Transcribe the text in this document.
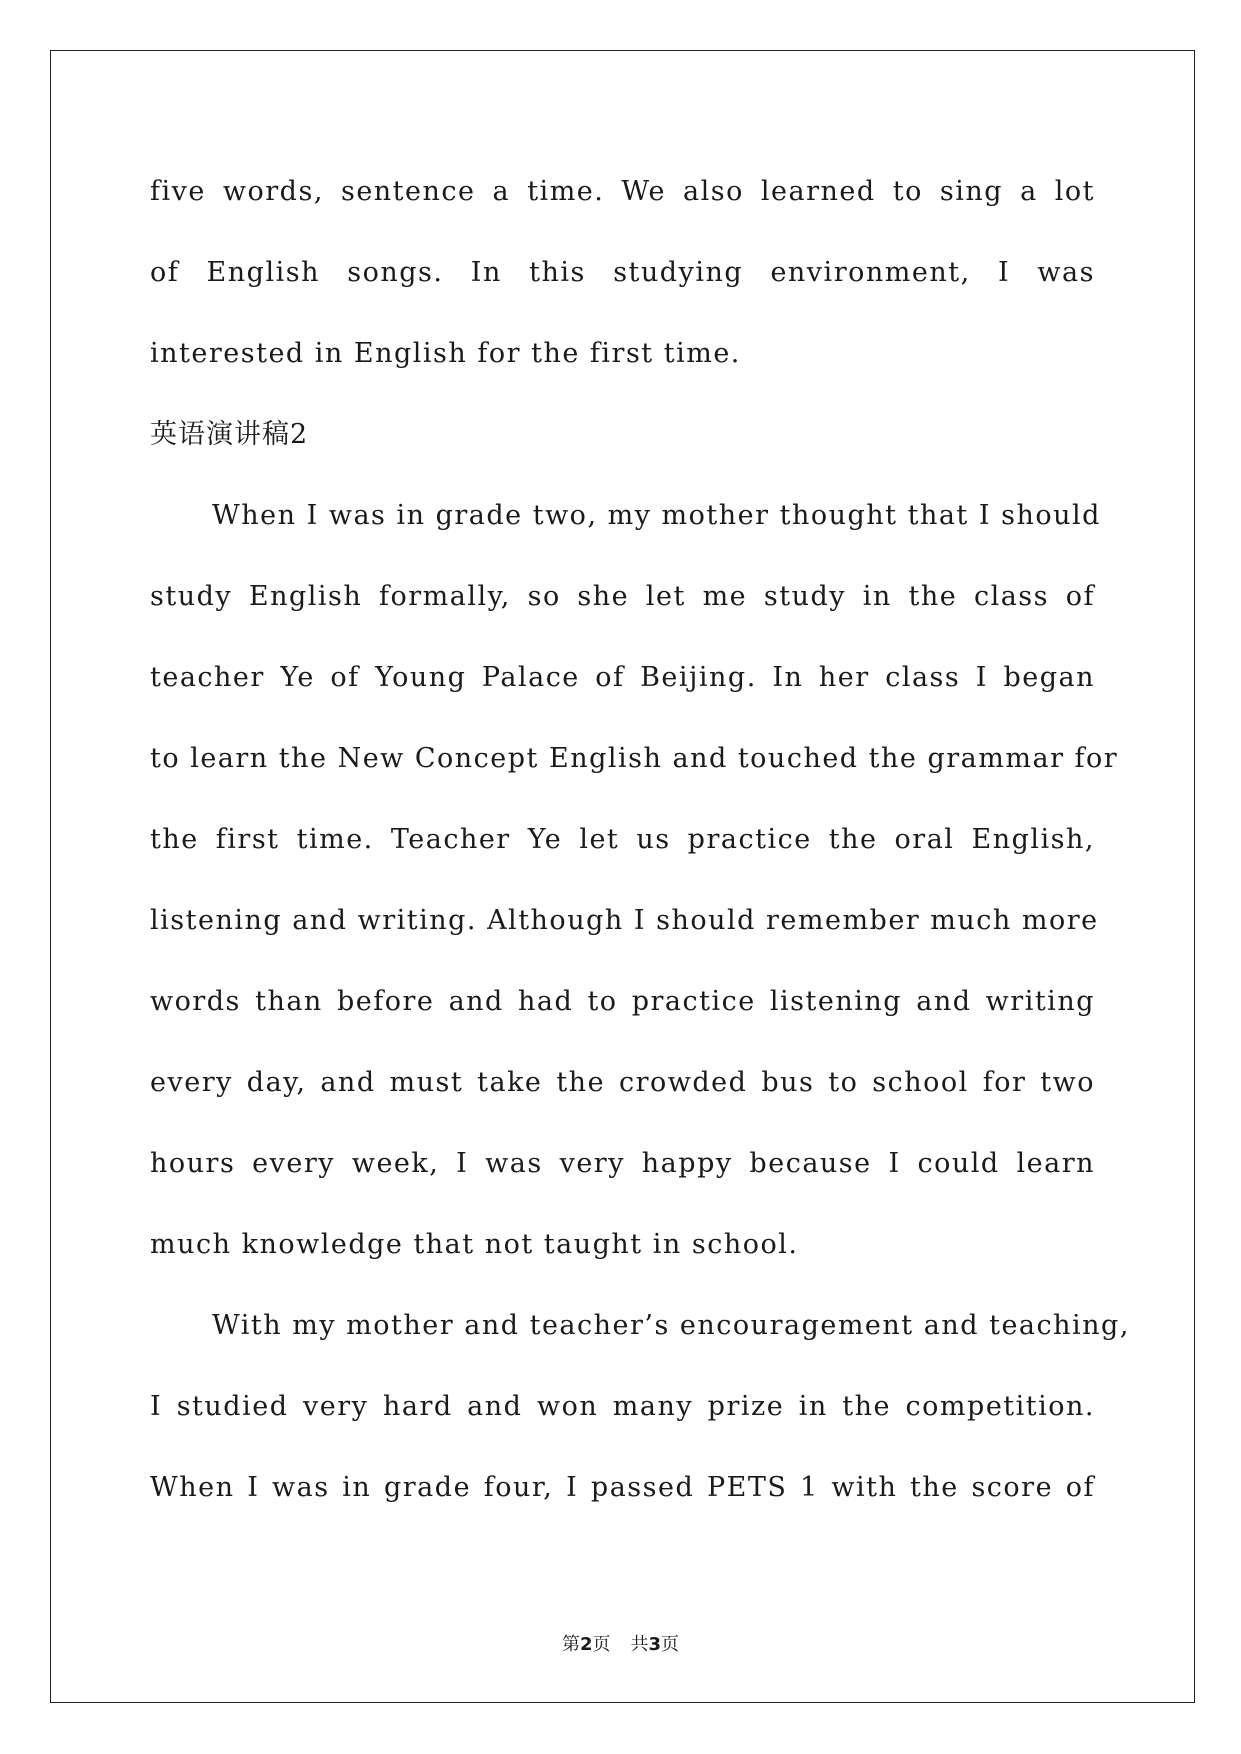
five words, sentence a time. We also learned to sing a lot
of English songs. In this studying environment, I was
interested in English for the first time.
When I was in grade two, my mother thought that I should
study English formally, so she let me study in the class of
teacher Ye of Young Palace of Beijing. In her class I began
to learn the New Concept English and touched the grammar for
the first time. Teacher Ye let us practice the oral English,
listening and writing. Although I should remember much more
words than before and had to practice listening and writing
every day, and must take the crowded bus to school for two
hours every week, I was very happy because I could learn
much knowledge that not taught in school.
With my mother and teacher’s encouragement and teaching,
I studied very hard and won many prize in the competition.
When I was in grade four, I passed PETS 1 with the score of
英语演讲稿2
第2页 共3页
